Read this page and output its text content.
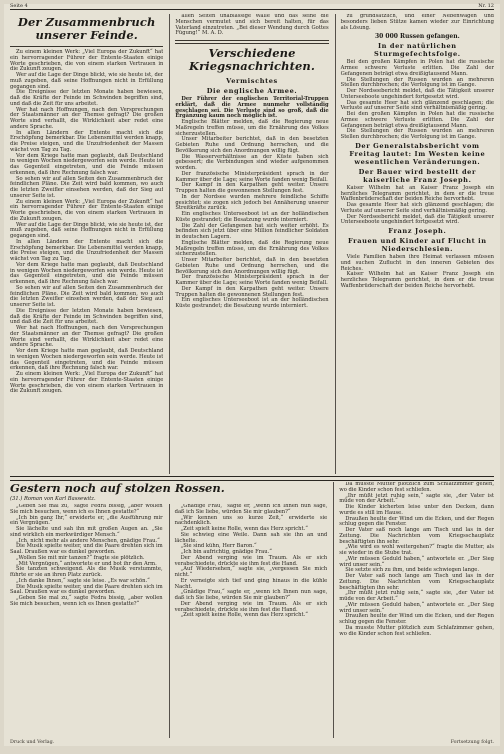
Seite 4	Nr. 12
Der Zusammenbruch unserer Feinde.

Zu einem kleinen Werk: „Viel Europa der Zukunft“ hat ein hervorragender Führer der Entente-Staaten einige Worte geschrieben, die von einem starken Vertrauen in die Zukunft zeugen.

Wer auf die Lage der Dinge blickt, wie sie heute ist, der muß zugeben, daß seine Hoffnungen nicht in Erfüllung gegangen sind.

Die Ereignisse der letzten Monate haben bewiesen, daß die Kräfte der Feinde im Schwinden begriffen sind, und daß die Zeit für uns arbeitet.

Wer hat nach Hoffnungen, nach den Versprechungen der Staatsmänner an der Themse gefragt? Die großen Worte sind verhallt, die Wirklichkeit aber redet eine andere Sprache.

In allen Ländern der Entente macht sich die Erschöpfung bemerkbar. Die Lebensmittel werden knapp, die Preise steigen, und die Unzufriedenheit der Massen wächst von Tag zu Tag.

Vor dem Kriege hatte man geglaubt, daß Deutschland in wenigen Wochen niedergeworfen sein werde. Heute ist das Gegenteil eingetreten, und die Feinde müssen erkennen, daß ihre Rechnung falsch war.

So sehen wir auf allen Seiten den Zusammenbruch der feindlichen Pläne. Die Zeit wird bald kommen, wo auch die letzten Zweifler einsehen werden, daß der Sieg auf unserer Seite ist.

Zu einem kleinen Werk: „Viel Europa der Zukunft“ hat ein hervorragender Führer der Entente-Staaten einige Worte geschrieben, die von einem starken Vertrauen in die Zukunft zeugen.

Wer auf die Lage der Dinge blickt, wie sie heute ist, der muß zugeben, daß seine Hoffnungen nicht in Erfüllung gegangen sind.

In allen Ländern der Entente macht sich die Erschöpfung bemerkbar. Die Lebensmittel werden knapp, die Preise steigen, und die Unzufriedenheit der Massen wächst von Tag zu Tag.

Vor dem Kriege hatte man geglaubt, daß Deutschland in wenigen Wochen niedergeworfen sein werde. Heute ist das Gegenteil eingetreten, und die Feinde müssen erkennen, daß ihre Rechnung falsch war.

So sehen wir auf allen Seiten den Zusammenbruch der feindlichen Pläne. Die Zeit wird bald kommen, wo auch die letzten Zweifler einsehen werden, daß der Sieg auf unserer Seite ist.

Die Ereignisse der letzten Monate haben bewiesen, daß die Kräfte der Feinde im Schwinden begriffen sind, und daß die Zeit für uns arbeitet.

Wer hat nach Hoffnungen, nach den Versprechungen der Staatsmänner an der Themse gefragt? Die großen Worte sind verhallt, die Wirklichkeit aber redet eine andere Sprache.

Vor dem Kriege hatte man geglaubt, daß Deutschland in wenigen Wochen niedergeworfen sein werde. Heute ist das Gegenteil eingetreten, und die Feinde müssen erkennen, daß ihre Rechnung falsch war.

Zu einem kleinen Werk: „Viel Europa der Zukunft“ hat ein hervorragender Führer der Entente-Staaten einige Worte geschrieben, die von einem starken Vertrauen in die Zukunft zeugen.

allen Seiten unablässige Wälle und das seine die Menschen vermutet und sich bereit halten, für das Vaterland einzutreten. „Bei dieser Wendung durch Gottes Fügung!“ M. A. D.

Verschiedene Kriegsnachrichten.
Vermischtes
Die englische Armee.

Der Führer der englischen Territorial-Truppen erklärt, daß die Armee nunmehr vollständig geschlagen sei. Die Verluste sind so groß, daß die Ergänzung kaum noch möglich ist.

Englische Blätter melden, daß die Regierung neue Maßregeln treffen müsse, um die Ernährung des Volkes sicherzustellen.

Unser Mitarbeiter berichtet, daß in den besetzten Gebieten Ruhe und Ordnung herrschen, und die Bevölkerung sich den Anordnungen willig fügt.

Die Wasserverhältnisse an der Küste haben sich gebessert; die Verbindungen sind wieder aufgenommen worden.

Der französische Ministerpräsident sprach in der Kammer über die Lage; seine Worte fanden wenig Beifall.

Der Kampf in den Karpathen geht weiter. Unsere Truppen halten die gewonnenen Stellungen fest.

In der Nordsee wurden mehrere feindliche Schiffe gesichtet; sie zogen sich jedoch bei Annäherung unserer Streitkräfte zurück.

Ein englisches Unterseeboot ist an der holländischen Küste gestrandet; die Besatzung wurde interniert.

Die Zahl der Gefangenen hat sich weiter erhöht. Es befinden sich jetzt über eine Million feindlicher Soldaten in deutschen Lagern.

Englische Blätter melden, daß die Regierung neue Maßregeln treffen müsse, um die Ernährung des Volkes sicherzustellen.

Unser Mitarbeiter berichtet, daß in den besetzten Gebieten Ruhe und Ordnung herrschen, und die Bevölkerung sich den Anordnungen willig fügt.

Der französische Ministerpräsident sprach in der Kammer über die Lage; seine Worte fanden wenig Beifall.

Der Kampf in den Karpathen geht weiter. Unsere Truppen halten die gewonnenen Stellungen fest.

Ein englisches Unterseeboot ist an der holländischen Küste gestrandet; die Besatzung wurde interniert.

zu grundsätzlich, und einer Nebenwagen und besonders lieben Stütze kamen wieder zur Einrichtung als Lösung.

30 000 Russen gefangen.
In der natürlichen Sturmgefechtsfolge.

Bei den großen Kämpfen in Polen hat die russische Armee schwere Verluste erlitten. Die Zahl der Gefangenen beträgt etwa dreißigtausend Mann.

Die Stellungen der Russen wurden an mehreren Stellen durchbrochen; die Verfolgung ist im Gange.

Der Nordseebericht meldet, daß die Tätigkeit unserer Unterseeboote ungehindert fortgesetzt wird.

Das gesamte Heer hat sich glänzend geschlagen; die Verluste auf unserer Seite sind verhältnismäßig gering.

Bei den großen Kämpfen in Polen hat die russische Armee schwere Verluste erlitten. Die Zahl der Gefangenen beträgt etwa dreißigtausend Mann.

Die Stellungen der Russen wurden an mehreren Stellen durchbrochen; die Verfolgung ist im Gange.

Der Generalstabsbericht vom Freitag lautet: Im Westen keine wesentlichen Veränderungen.
Der Bauer wird bestellt der kaiserliche Franz Joseph.

Kaiser Wilhelm hat an Kaiser Franz Joseph ein herzliches Telegramm gerichtet, in dem er die treue Waffenbrüderschaft der beiden Reiche hervorhebt.

Das gesamte Heer hat sich glänzend geschlagen; die Verluste auf unserer Seite sind verhältnismäßig gering.

Der Nordseebericht meldet, daß die Tätigkeit unserer Unterseeboote ungehindert fortgesetzt wird.

Franz Joseph.
Frauen und Kinder auf Flucht in Niederschlesien.

Viele Familien haben ihre Heimat verlassen müssen und suchen Zuflucht in den inneren Gebieten des Reiches.

Kaiser Wilhelm hat an Kaiser Franz Joseph ein herzliches Telegramm gerichtet, in dem er die treue Waffenbrüderschaft der beiden Reiche hervorhebt.

Gestern noch auf stolzen Rossen.
(31.) Roman von Karl Bassewitz.

„Geben Sie mal zu,“ sagte Fedra bissig, „aber wollen Sie mich besuchen, wenn ich es Ihnen gestatte?“

„Ich bin ganz Ihr,“ erwiderte er, „die Ausführung mir ein Vergnügen.“

Sie lächelte und sah ihn mit großen Augen an. „Sie sind wirklich ein merkwürdiger Mensch.“

„Ich, nicht mehr als andere Menschen, gnädige Frau.“

Die Musik spielte weiter, und die Paare drehten sich im Saal. Draußen war es dunkel geworden.

„Wollen Sie mit mir tanzen?“ fragte sie plötzlich.

„Mit Vergnügen,“ antwortete er und bot ihr den Arm.

Sie tanzten schweigend. Als die Musik verstummte, führte er sie an ihren Platz zurück.

„Ich danke Ihnen,“ sagte sie leise. „Es war schön.“

Die Musik spielte weiter, und die Paare drehten sich im Saal. Draußen war es dunkel geworden.

„Geben Sie mal zu,“ sagte Fedra bissig, „aber wollen Sie mich besuchen, wenn ich es Ihnen gestatte?“

„Gnädige Frau,“ sagte er, „wenn ich Ihnen nun sage, daß ich Sie liebe, würden Sie mir glauben?“

„Wir kennen uns so kurze Zeit,“ erwiderte sie nachdenklich.

„Zeit spielt keine Rolle, wenn das Herz spricht.“

Sie schwieg eine Weile. Dann sah sie ihn an und lächelte.

„Sie sind kühn, Herr Baron.“

„Ich bin aufrichtig, gnädige Frau.“

Der Abend verging wie im Traum. Als er sich verabschiedete, drückte sie ihm fest die Hand.

„Auf Wiedersehen,“ sagte sie, „vergessen Sie mich nicht.“

Er verneigte sich tief und ging hinaus in die kühle Nacht.

„Gnädige Frau,“ sagte er, „wenn ich Ihnen nun sage, daß ich Sie liebe, würden Sie mir glauben?“

Der Abend verging wie im Traum. Als er sich verabschiedete, drückte sie ihm fest die Hand.

„Zeit spielt keine Rolle, wenn das Herz spricht.“

Da musste Mutter plötzlich zum Schlafzimmer gehen, wo die Kinder schon fest schliefen.

„Ihr müßt jetzt ruhig sein,“ sagte sie, „der Vater ist müde von der Arbeit.“

Die Kinder kicherten leise unter den Decken, dann wurde es still im Hause.

Draußen heulte der Wind um die Ecken, und der Regen schlug gegen die Fenster.

Der Vater saß noch lange am Tisch und las in der Zeitung. Die Nachrichten vom Kriegsschauplatz beschäftigten ihn sehr.

„Wie wird es wohl weitergehen?“ fragte die Mutter, als sie wieder in die Stube trat.

„Wir müssen Geduld haben,“ antwortete er. „Der Sieg wird unser sein.“

Sie setzte sich zu ihm, und beide schwiegen lange.

Der Vater saß noch lange am Tisch und las in der Zeitung. Die Nachrichten vom Kriegsschauplatz beschäftigten ihn sehr.

„Ihr müßt jetzt ruhig sein,“ sagte sie, „der Vater ist müde von der Arbeit.“

„Wir müssen Geduld haben,“ antwortete er. „Der Sieg wird unser sein.“

Draußen heulte der Wind um die Ecken, und der Regen schlug gegen die Fenster.

Da musste Mutter plötzlich zum Schlafzimmer gehen, wo die Kinder schon fest schliefen.

Druck und Verlag.	Fortsetzung folgt.
